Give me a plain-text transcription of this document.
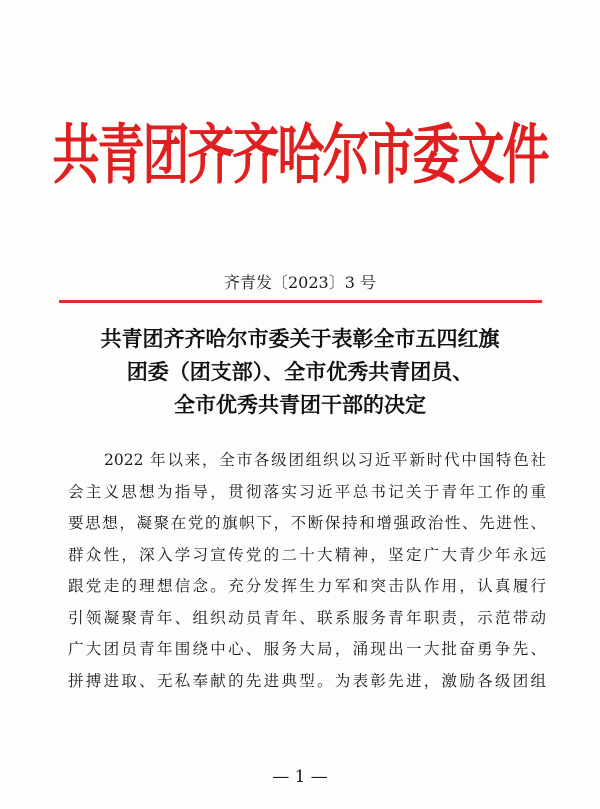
共青团齐齐哈尔市委文件
齐青发〔2023〕3 号
共青团齐齐哈尔市委关于表彰全市五四红旗
团委（团支部）、全市优秀共青团员、
全市优秀共青团干部的决定
2022 年以来，全市各级团组织以习近平新时代中国特色社
会主义思想为指导，贯彻落实习近平总书记关于青年工作的重
要思想，凝聚在党的旗帜下，不断保持和增强政治性、先进性、
群众性，深入学习宣传党的二十大精神，坚定广大青少年永远
跟党走的理想信念。充分发挥生力军和突击队作用，认真履行
引领凝聚青年、组织动员青年、联系服务青年职责，示范带动
广大团员青年围绕中心、服务大局，涌现出一大批奋勇争先、
拼搏进取、无私奉献的先进典型。为表彰先进，激励各级团组
— 1 —
